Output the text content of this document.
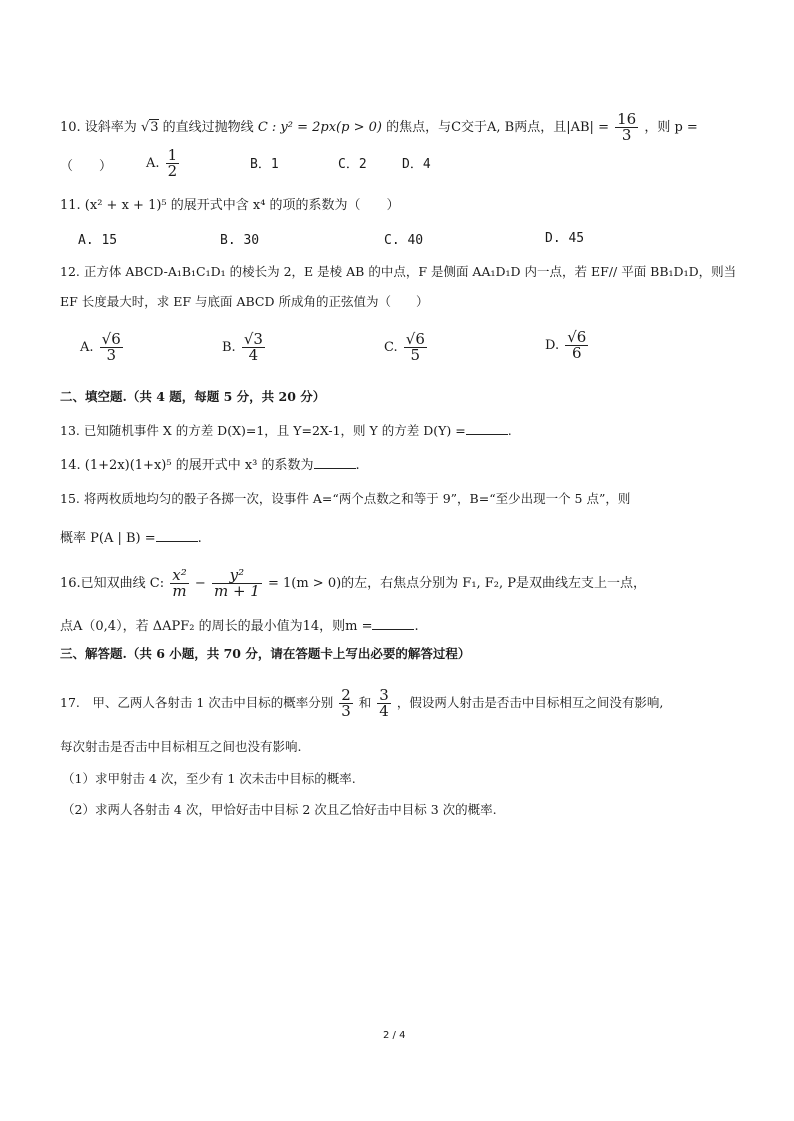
10. 设斜率为 √3 的直线过抛物线 C : y² = 2px(p > 0) 的焦点，与C交于A, B两点，且$|AB| = \frac{16}{3}$ ，则 p =
（　　）	A. $\frac{1}{2}$	B．1	C．2	D．4
11. (x² + x + 1)⁵ 的展开式中含 x⁴ 的项的系数为（　　）
A. 15	B. 30	C. 40	D. 45
12. 正方体 ABCD-A₁B₁C₁D₁ 的棱长为 2，E 是棱 AB 的中点，F 是侧面 AA₁D₁D 内一点，若 EF// 平面 BB₁D₁D，则当
EF 长度最大时，求 EF 与底面 ABCD 所成角的正弦值为（　　）
A. $\frac{√6}{3}$	B. $\frac{√3}{4}$	C. $\frac{√6}{5}$	D. $\frac{√6}{6}$
二、填空题.（共 4 题，每题 5 分，共 20 分）
13. 已知随机事件 X 的方差 D(X)=1，且 Y=2X-1，则 Y 的方差 D(Y) =	.
14. (1+2x)(1+x)⁵ 的展开式中 x³ 的系数为	.
15. 将两枚质地均匀的骰子各掷一次，设事件 A=“两个点数之和等于 9”，B=“至少出现一个 5 点”，则
概率 P(A | B) =	.
16.已知双曲线 C: $\frac{\text{x²}}{m} - \frac{\text{y²}}{m + 1} = 1(m > 0)$的左，右焦点分别为 F₁, F₂, P是双曲线左支上一点，
点A（0,4），若 ΔAPF₂ 的周长的最小值为14，则m =	.
三、解答题.（共 6 小题，共 70 分，请在答题卡上写出必要的解答过程）
17.　甲、乙两人各射击 1 次击中目标的概率分别 $\frac{2}{3}$ 和 $\frac{3}{4}$ ，假设两人射击是否击中目标相互之间没有影响,
每次射击是否击中目标相互之间也没有影响.
（1）求甲射击 4 次，至少有 1 次未击中目标的概率.
（2）求两人各射击 4 次，甲恰好击中目标 2 次且乙恰好击中目标 3 次的概率.
2 / 4
